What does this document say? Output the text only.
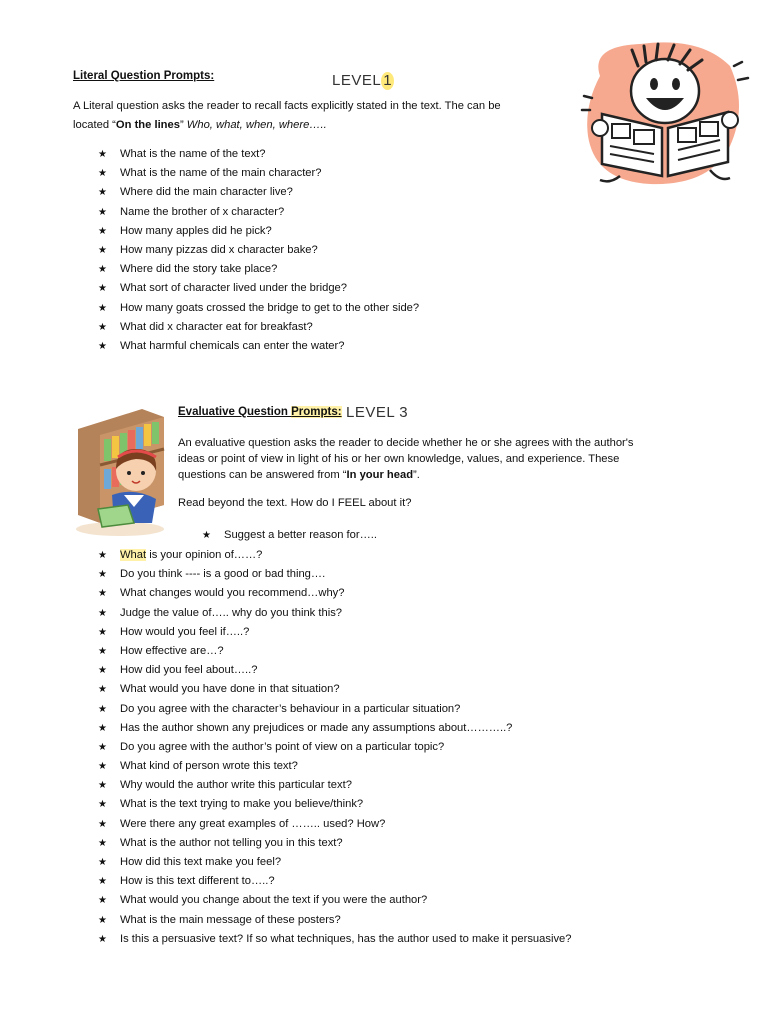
Literal Question Prompts:	LEVEL 1
A Literal question asks the reader to recall facts explicitly stated in the text. The can be
located “On the lines” Who, what, when, where…..
★ What is the name of the text?
★ What is the name of the main character?
★ Where did the main character live?
★ Name the brother of x character?
★ How many apples did he pick?
★ How many pizzas did x character bake?
★ Where did the story take place?
★ What sort of character lived under the bridge?
★ How many goats crossed the bridge to get to the other side?
★ What did x character eat for breakfast?
★ What harmful chemicals can enter the water?
Evaluative Question Prompts: LEVEL 3
An evaluative question asks the reader to decide whether he or she agrees with the author's
ideas or point of view in light of his or her own knowledge, values, and experience. These
questions can be answered from “In your head”.
Read beyond the text. How do I FEEL about it?
★ Suggest a better reason for…..
★ What is your opinion of……?
★ Do you think ---- is a good or bad thing….
★ What changes would you recommend…why?
★ Judge the value of….. why do you think this?
★ How would you feel if…..?
★ How effective are…?
★ How did you feel about…..?
★ What would you have done in that situation?
★ Do you agree with the character’s behaviour in a particular situation?
★ Has the author shown any prejudices or made any assumptions about………..?
★ Do you agree with the author’s point of view on a particular topic?
★ What kind of person wrote this text?
★ Why would the author write this particular text?
★ What is the text trying to make you believe/think?
★ Were there any great examples of …….. used? How?
★ What is the author not telling you in this text?
★ How did this text make you feel?
★ How is this text different to…..?
★ What would you change about the text if you were the author?
★ What is the main message of these posters?
★ Is this a persuasive text? If so what techniques, has the author used to make it persuasive?
